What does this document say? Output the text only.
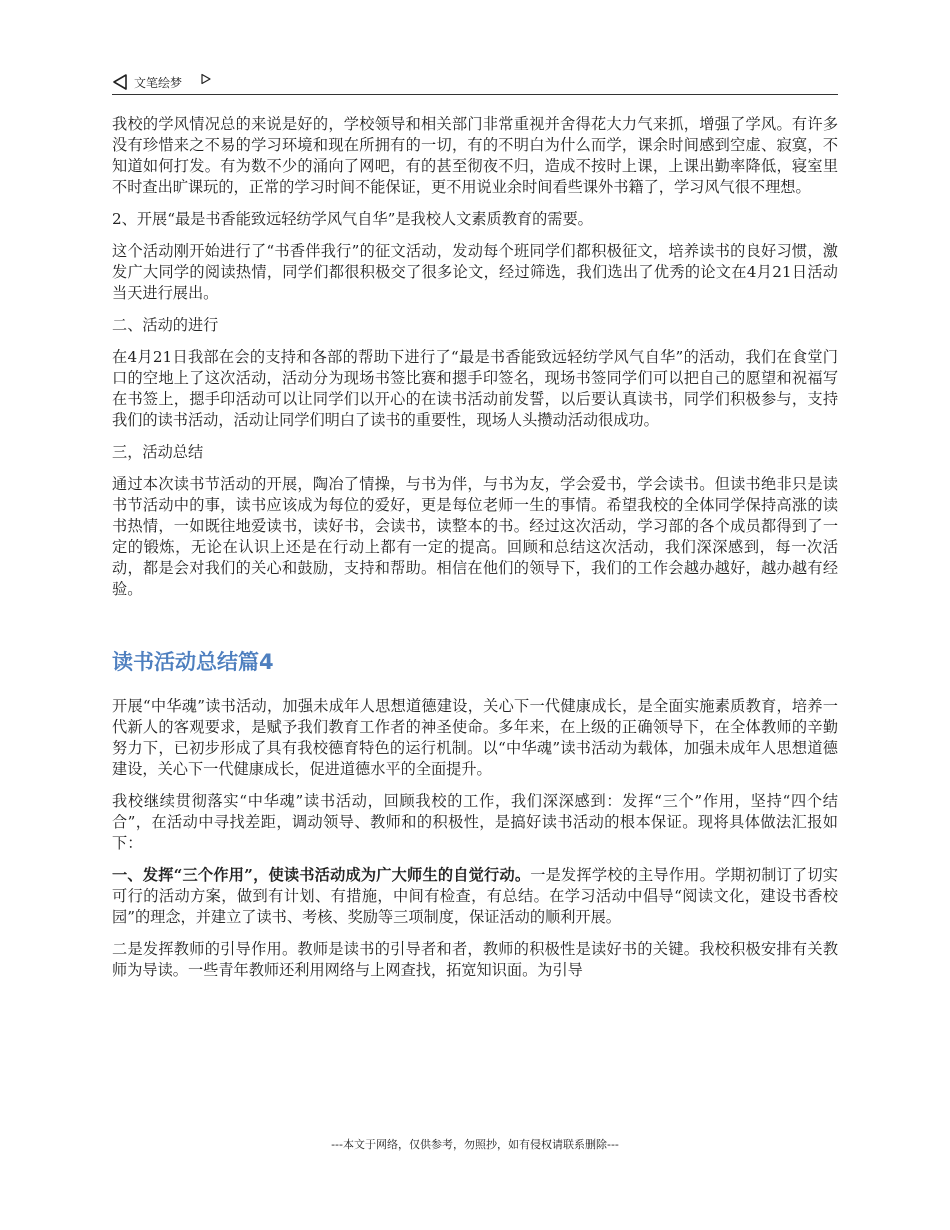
文笔绘梦

我校的学风情况总的来说是好的，学校领导和相关部门非常重视并舍得花大力气来抓，增强了学风。有许多没有珍惜来之不易的学习环境和现在所拥有的一切，有的不明白为什么而学，课余时间感到空虚、寂寞，不知道如何打发。有为数不少的涌向了网吧，有的甚至彻夜不归，造成不按时上课，上课出勤率降低，寝室里不时查出旷课玩的，正常的学习时间不能保证，更不用说业余时间看些课外书籍了，学习风气很不理想。

2、开展“最是书香能致远轻纺学风气自华”是我校人文素质教育的需要。

这个活动刚开始进行了“书香伴我行”的征文活动，发动每个班同学们都积极征文，培养读书的良好习惯，激发广大同学的阅读热情，同学们都很积极交了很多论文，经过筛选，我们选出了优秀的论文在4月21日活动当天进行展出。

二、活动的进行

在4月21日我部在会的支持和各部的帮助下进行了“最是书香能致远轻纺学风气自华”的活动，我们在食堂门口的空地上了这次活动，活动分为现场书签比赛和摁手印签名，现场书签同学们可以把自己的愿望和祝福写在书签上，摁手印活动可以让同学们以开心的在读书活动前发誓，以后要认真读书，同学们积极参与，支持我们的读书活动，活动让同学们明白了读书的重要性，现场人头攒动活动很成功。

三，活动总结

通过本次读书节活动的开展，陶冶了情操，与书为伴，与书为友，学会爱书，学会读书。但读书绝非只是读书节活动中的事，读书应该成为每位的爱好，更是每位老师一生的事情。希望我校的全体同学保持高涨的读书热情，一如既往地爱读书，读好书，会读书，读整本的书。经过这次活动，学习部的各个成员都得到了一定的锻炼，无论在认识上还是在行动上都有一定的提高。回顾和总结这次活动，我们深深感到，每一次活动，都是会对我们的关心和鼓励，支持和帮助。相信在他们的领导下，我们的工作会越办越好，越办越有经验。

读书活动总结篇4

开展“中华魂”读书活动，加强未成年人思想道德建设，关心下一代健康成长，是全面实施素质教育，培养一代新人的客观要求，是赋予我们教育工作者的神圣使命。多年来，在上级的正确领导下，在全体教师的辛勤努力下，已初步形成了具有我校德育特色的运行机制。以“中华魂”读书活动为载体，加强未成年人思想道德建设，关心下一代健康成长，促进道德水平的全面提升。

我校继续贯彻落实“中华魂”读书活动，回顾我校的工作，我们深深感到：发挥“三个”作用，坚持“四个结合”，在活动中寻找差距，调动领导、教师和的积极性，是搞好读书活动的根本保证。现将具体做法汇报如下：

一、发挥“三个作用”，使读书活动成为广大师生的自觉行动。一是发挥学校的主导作用。学期初制订了切实可行的活动方案，做到有计划、有措施，中间有检查，有总结。在学习活动中倡导“阅读文化，建设书香校园”的理念，并建立了读书、考核、奖励等三项制度，保证活动的顺利开展。

二是发挥教师的引导作用。教师是读书的引导者和者，教师的积极性是读好书的关键。我校积极安排有关教师为导读。一些青年教师还利用网络与上网查找，拓宽知识面。为引导

---本文于网络，仅供参考，勿照抄，如有侵权请联系删除---
